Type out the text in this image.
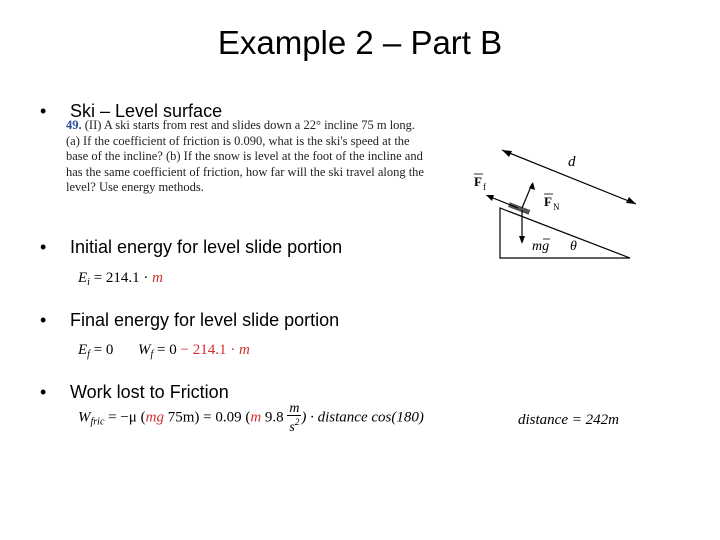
Example 2 – Part B
• Ski – Level surface
49. (II) A ski starts from rest and slides down a 22° incline 75 m long. (a) If the coefficient of friction is 0.090, what is the ski's speed at the base of the incline? (b) If the snow is level at the foot of the incline and has the same coefficient of friction, how far will the ski travel along the level? Use energy methods.
• Initial energy for level slide portion
$E_i = 214.1 \cdot m$
• Final energy for level slide portion
$E_f = 0$ $W_f = 0 - 214.1 \cdot m$
• Work lost to Friction
$W_{fric} = -\mu$ (mg 75m) = 0.09 (m $9.8 \frac{m}{s^2}$ ) · distance cos(180)	distance = 242m
d
F f
F N
mg θ
